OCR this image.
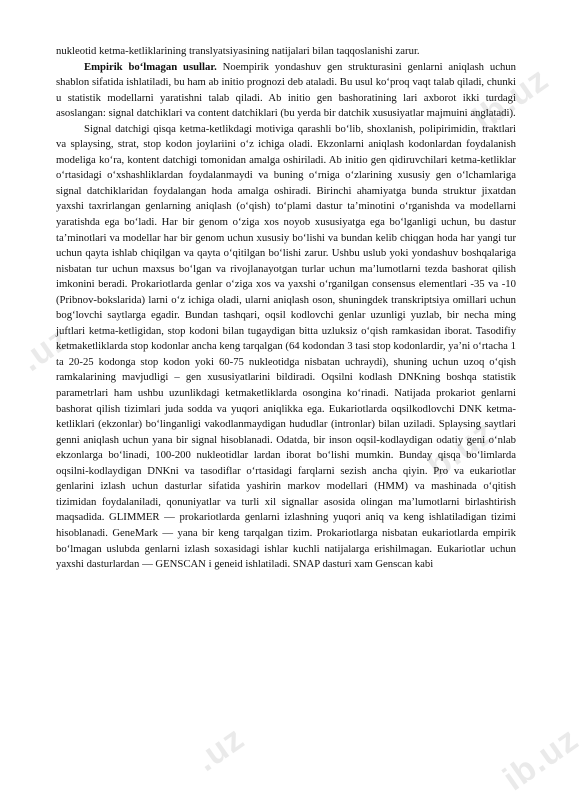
.uz
ib.uz
b.uz
.uz	ib.uz

nukleotid ketma-ketliklarining translyatsiyasining natijalari bilan taqqoslanishi zarur.

Empirik bo‘lmagan usullar. Noempirik yondashuv gen strukturasini genlarni aniqlash uchun shablon sifatida ishlatiladi, bu ham ab initio prognozi deb ataladi. Bu usul ko‘proq vaqt talab qiladi, chunki u statistik modellarni yaratishni talab qiladi. Ab initio gen bashoratining lari axborot ikki turdagi asoslangan: signal datchiklari va content datchiklari (bu yerda bir datchik xususiyatlar majmuini anglatadi).

Signal datchigi qisqa ketma-ketlikdagi motiviga qarashli bo‘lib, shoxlanish, polipirimidin, traktlari va splaysing, strat, stop kodon joylariini o‘z ichiga oladi. Ekzonlarni aniqlash kodonlardan foydalanish modeliga ko‘ra, kontent datchigi tomonidan amalga oshiriladi. Ab initio gen qidiruvchilari ketma-ketliklar o‘rtasidagi o‘xshashliklardan foydalanmaydi va buning o‘rniga o‘zlarining xususiy gen o‘lchamlariga signal datchiklaridan foydalangan hoda amalga oshiradi. Birinchi ahamiyatga bunda struktur jixatdan yaxshi taxrirlangan genlarning aniqlash (o‘qish) to‘plami dastur ta’minotini o‘rganishda va modellarni yaratishda ega bo‘ladi. Har bir genom o‘ziga xos noyob xususiyatga ega bo‘lganligi uchun, bu dastur ta’minotlari va modellar har bir genom uchun xususiy bo‘lishi va bundan kelib chiqgan hoda har yangi tur uchun qayta ishlab chiqilgan va qayta o‘qitilgan bo‘lishi zarur. Ushbu uslub yoki yondashuv boshqalariga nisbatan tur uchun maxsus bo‘lgan va rivojlanayotgan turlar uchun ma’lumotlarni tezda bashorat qilish imkonini beradi. Prokariotlarda genlar o‘ziga xos va yaxshi o‘rganilgan consensus elementlari -35 va -10 (Pribnov-bokslarida) larni o‘z ichiga oladi, ularni aniqlash oson, shuningdek transkriptsiya omillari uchun bog‘lovchi saytlarga egadir. Bundan tashqari, oqsil kodlovchi genlar uzunligi yuzlab, bir necha ming juftlari ketma-ketligidan, stop kodoni bilan tugaydigan bitta uzluksiz o‘qish ramkasidan iborat. Tasodifiy ketmaketliklarda stop kodonlar ancha keng tarqalgan (64 kodondan 3 tasi stop kodonlardir, ya’ni o‘rtacha 1 ta 20-25 kodonga stop kodon yoki 60-75 nukleotidga nisbatan uchraydi), shuning uchun uzoq o‘qish ramkalarining mavjudligi – gen xususiyatlarini bildiradi. Oqsilni kodlash DNKning boshqa statistik parametrlari ham ushbu uzunlikdagi ketmaketliklarda osongina ko‘rinadi. Natijada prokariot genlarni bashorat qilish tizimlari juda sodda va yuqori aniqlikka ega. Eukariotlarda oqsilkodlovchi DNK ketma-ketliklari (ekzonlar) bo‘linganligi vakodlanmaydigan hududlar (intronlar) bilan uziladi. Splaysing saytlari genni aniqlash uchun yana bir signal hisoblanadi. Odatda, bir inson oqsil-kodlaydigan odatiy geni o‘nlab ekzonlarga bo‘linadi, 100-200 nukleotidlar lardan iborat bo‘lishi mumkin. Bunday qisqa bo‘limlarda oqsilni-kodlaydigan DNKni va tasodiflar o‘rtasidagi farqlarni sezish ancha qiyin. Pro va eukariotlar genlarini izlash uchun dasturlar sifatida yashirin markov modellari (HMM) va mashinada o‘qitish tizimidan foydalaniladi, qonuniyatlar va turli xil signallar asosida olingan ma’lumotlarni birlashtirish maqsadida. GLIMMER — prokariotlarda genlarni izlashning yuqori aniq va keng ishlatiladigan tizimi hisoblanadi. GeneMark — yana bir keng tarqalgan tizim. Prokariotlarga nisbatan eukariotlarda empirik bo‘lmagan uslubda genlarni izlash soxasidagi ishlar kuchli natijalarga erishilmagan. Eukariotlar uchun yaxshi dasturlardan — GENSCAN i geneid ishlatiladi. SNAP dasturi xam Genscan kabi
